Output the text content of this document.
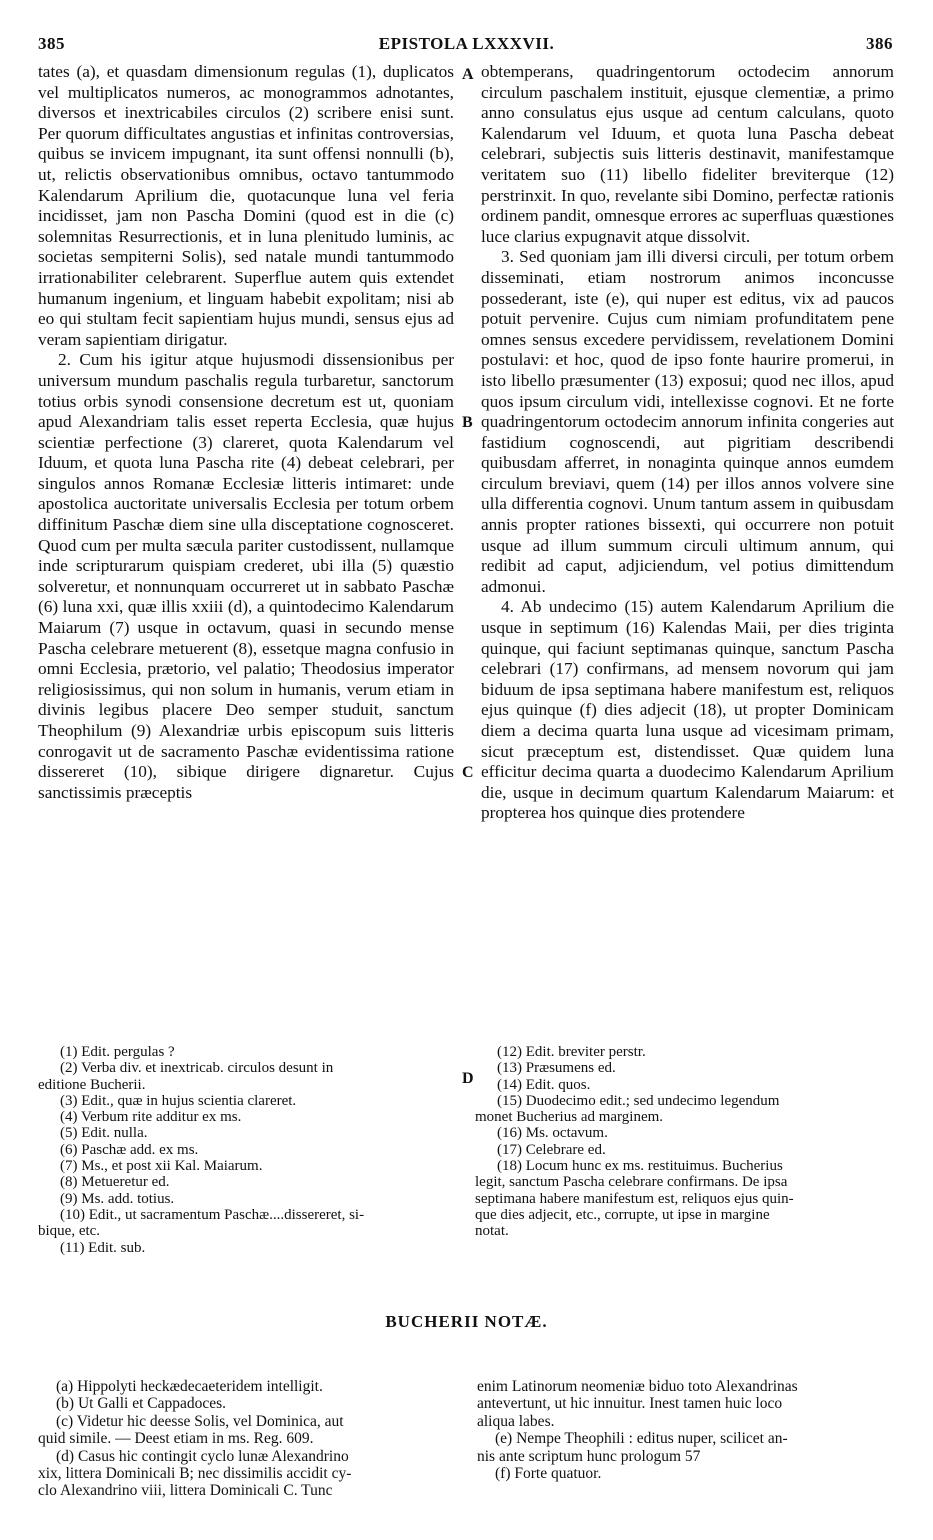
385	EPISTOLA LXXXVII.	386

tates (a), et quasdam dimensionum regulas (1), duplicatos vel multiplicatos numeros, ac monogrammos adnotantes, diversos et inextricabiles circulos (2) scribere enisi sunt. Per quorum difficultates angustias et infinitas controversias, quibus se invicem impugnant, ita sunt offensi nonnulli (b), ut, relictis observationibus omnibus, octavo tantummodo Kalendarum Aprilium die, quotacunque luna vel feria incidisset, jam non Pascha Domini (quod est in die (c) solemnitas Resurrectionis, et in luna plenitudo luminis, ac societas sempiterni Solis), sed natale mundi tantummodo irrationabiliter celebrarent. Superflue autem quis extendet humanum ingenium, et linguam habebit expolitam; nisi ab eo qui stultam fecit sapientiam hujus mundi, sensus ejus ad veram sapientiam dirigatur.

2. Cum his igitur atque hujusmodi dissensionibus per universum mundum paschalis regula turbaretur, sanctorum totius orbis synodi consensione decretum est ut, quoniam apud Alexandriam talis esset reperta Ecclesia, quæ hujus scientiæ perfectione (3) clareret, quota Kalendarum vel Iduum, et quota luna Pascha rite (4) debeat celebrari, per singulos annos Romanæ Ecclesiæ litteris intimaret: unde apostolica auctoritate universalis Ecclesia per totum orbem diffinitum Paschæ diem sine ulla disceptatione cognosceret. Quod cum per multa sæcula pariter custodissent, nullamque inde scripturarum quispiam crederet, ubi illa (5) quæstio solveretur, et nonnunquam occurreret ut in sabbato Paschæ (6) luna xxi, quæ illis xxiii (d), a quintodecimo Kalendarum Maiarum (7) usque in octavum, quasi in secundo mense Pascha celebrare metuerent (8), essetque magna confusio in omni Ecclesia, prætorio, vel palatio; Theodosius imperator religiosissimus, qui non solum in humanis, verum etiam in divinis legibus placere Deo semper studuit, sanctum Theophilum (9) Alexandriæ urbis episcopum suis litteris conrogavit ut de sacramento Paschæ evidentissima ratione dissereret (10), sibique dirigere dignaretur. Cujus sanctissimis præceptis

obtemperans, quadringentorum octodecim annorum circulum paschalem instituit, ejusque clementiæ, a primo anno consulatus ejus usque ad centum calculans, quoto Kalendarum vel Iduum, et quota luna Pascha debeat celebrari, subjectis suis litteris destinavit, manifestamque veritatem suo (11) libello fideliter breviterque (12) perstrinxit. In quo, revelante sibi Domino, perfectæ rationis ordinem pandit, omnesque errores ac superfluas quæstiones luce clarius expugnavit atque dissolvit.

3. Sed quoniam jam illi diversi circuli, per totum orbem disseminati, etiam nostrorum animos inconcusse possederant, iste (e), qui nuper est editus, vix ad paucos potuit pervenire. Cujus cum nimiam profunditatem pene omnes sensus excedere pervidissem, revelationem Domini postulavi: et hoc, quod de ipso fonte haurire promerui, in isto libello præsumenter (13) exposui; quod nec illos, apud quos ipsum circulum vidi, intellexisse cognovi. Et ne forte quadringentorum octodecim annorum infinita congeries aut fastidium cognoscendi, aut pigritiam describendi quibusdam afferret, in nonaginta quinque annos eumdem circulum breviavi, quem (14) per illos annos volvere sine ulla differentia cognovi. Unum tantum assem in quibusdam annis propter rationes bissexti, qui occurrere non potuit usque ad illum summum circuli ultimum annum, qui redibit ad caput, adjiciendum, vel potius dimittendum admonui.

4. Ab undecimo (15) autem Kalendarum Aprilium die usque in septimum (16) Kalendas Maii, per dies triginta quinque, qui faciunt septimanas quinque, sanctum Pascha celebrari (17) confirmans, ad mensem novorum qui jam biduum de ipsa septimana habere manifestum est, reliquos ejus quinque (f) dies adjecit (18), ut propter Dominicam diem a decima quarta luna usque ad vicesimam primam, sicut præceptum est, distendisset. Quæ quidem luna efficitur decima quarta a duodecimo Kalendarum Aprilium die, usque in decimum quartum Kalendarum Maiarum: et propterea hos quinque dies protendere

A
B
C
D
(1) Edit. pergulas ?
(2) Verba div. et inextricab. circulos desunt in
editione Bucherii.
(3) Edit., quæ in hujus scientia clareret.
(4) Verbum rite additur ex ms.
(5) Edit. nulla.
(6) Paschæ add. ex ms.
(7) Ms., et post xii Kal. Maiarum.
(8) Metueretur ed.
(9) Ms. add. totius.
(10) Edit., ut sacramentum Paschæ....dissereret, si-
bique, etc.
(11) Edit. sub.
(12) Edit. breviter perstr.
(13) Præsumens ed.
(14) Edit. quos.
(15) Duodecimo edit.; sed undecimo legendum
monet Bucherius ad marginem.
(16) Ms. octavum.
(17) Celebrare ed.
(18) Locum hunc ex ms. restituimus. Bucherius
legit, sanctum Pascha celebrare confirmans. De ipsa
septimana habere manifestum est, reliquos ejus quin-
que dies adjecit, etc., corrupte, ut ipse in margine
notat.
BUCHERII NOTÆ.
(a) Hippolyti heckædecaeteridem intelligit.
(b) Ut Galli et Cappadoces.
(c) Videtur hic deesse Solis, vel Dominica, aut
quid simile. — Deest etiam in ms. Reg. 609.
(d) Casus hic contingit cyclo lunæ Alexandrino
xix, littera Dominicali B; nec dissimilis accidit cy-
clo Alexandrino viii, littera Dominicali C. Tunc
enim Latinorum neomeniæ biduo toto Alexandrinas
antevertunt, ut hic innuitur. Inest tamen huic loco
aliqua labes.
(e) Nempe Theophili : editus nuper, scilicet an-
nis ante scriptum hunc prologum 57
(f) Forte quatuor.
